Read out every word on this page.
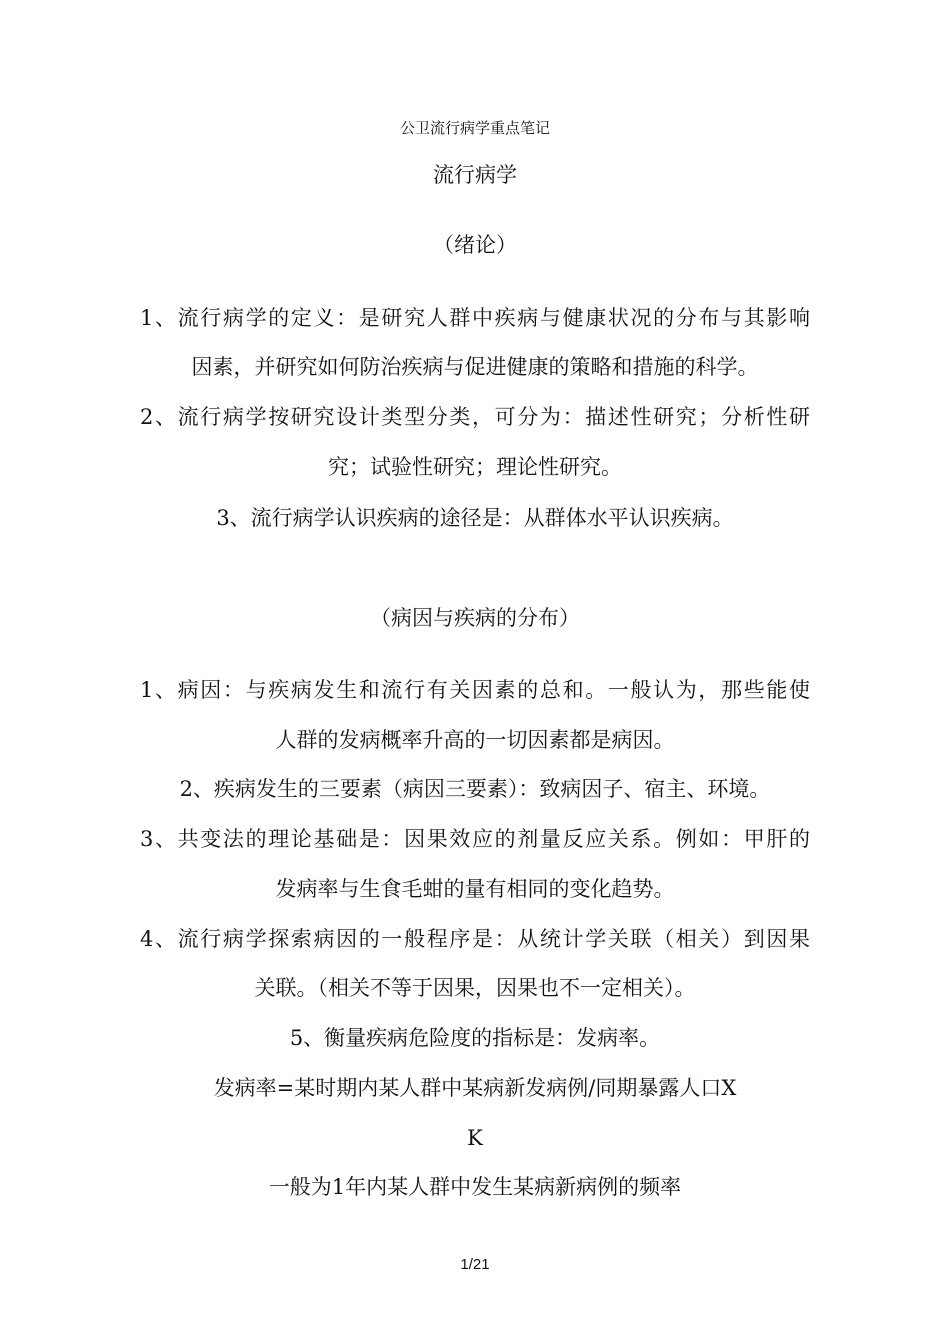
公卫流行病学重点笔记
流行病学
（绪论）
1、流行病学的定义：是研究人群中疾病与健康状况的分布与其影响
因素，并研究如何防治疾病与促进健康的策略和措施的科学。
2、流行病学按研究设计类型分类，可分为：描述性研究；分析性研
究；试验性研究；理论性研究。
3、流行病学认识疾病的途径是：从群体水平认识疾病。
（病因与疾病的分布）
1、病因：与疾病发生和流行有关因素的总和。一般认为，那些能使
人群的发病概率升高的一切因素都是病因。
2、疾病发生的三要素（病因三要素）：致病因子、宿主、环境。
3、共变法的理论基础是：因果效应的剂量反应关系。例如：甲肝的
发病率与生食毛蚶的量有相同的变化趋势。
4、流行病学探索病因的一般程序是：从统计学关联（相关）到因果
关联。（相关不等于因果，因果也不一定相关）。
5、衡量疾病危险度的指标是：发病率。
发病率=某时期内某人群中某病新发病例/同期暴露人口X
K
一般为1年内某人群中发生某病新病例的频率
1/21
